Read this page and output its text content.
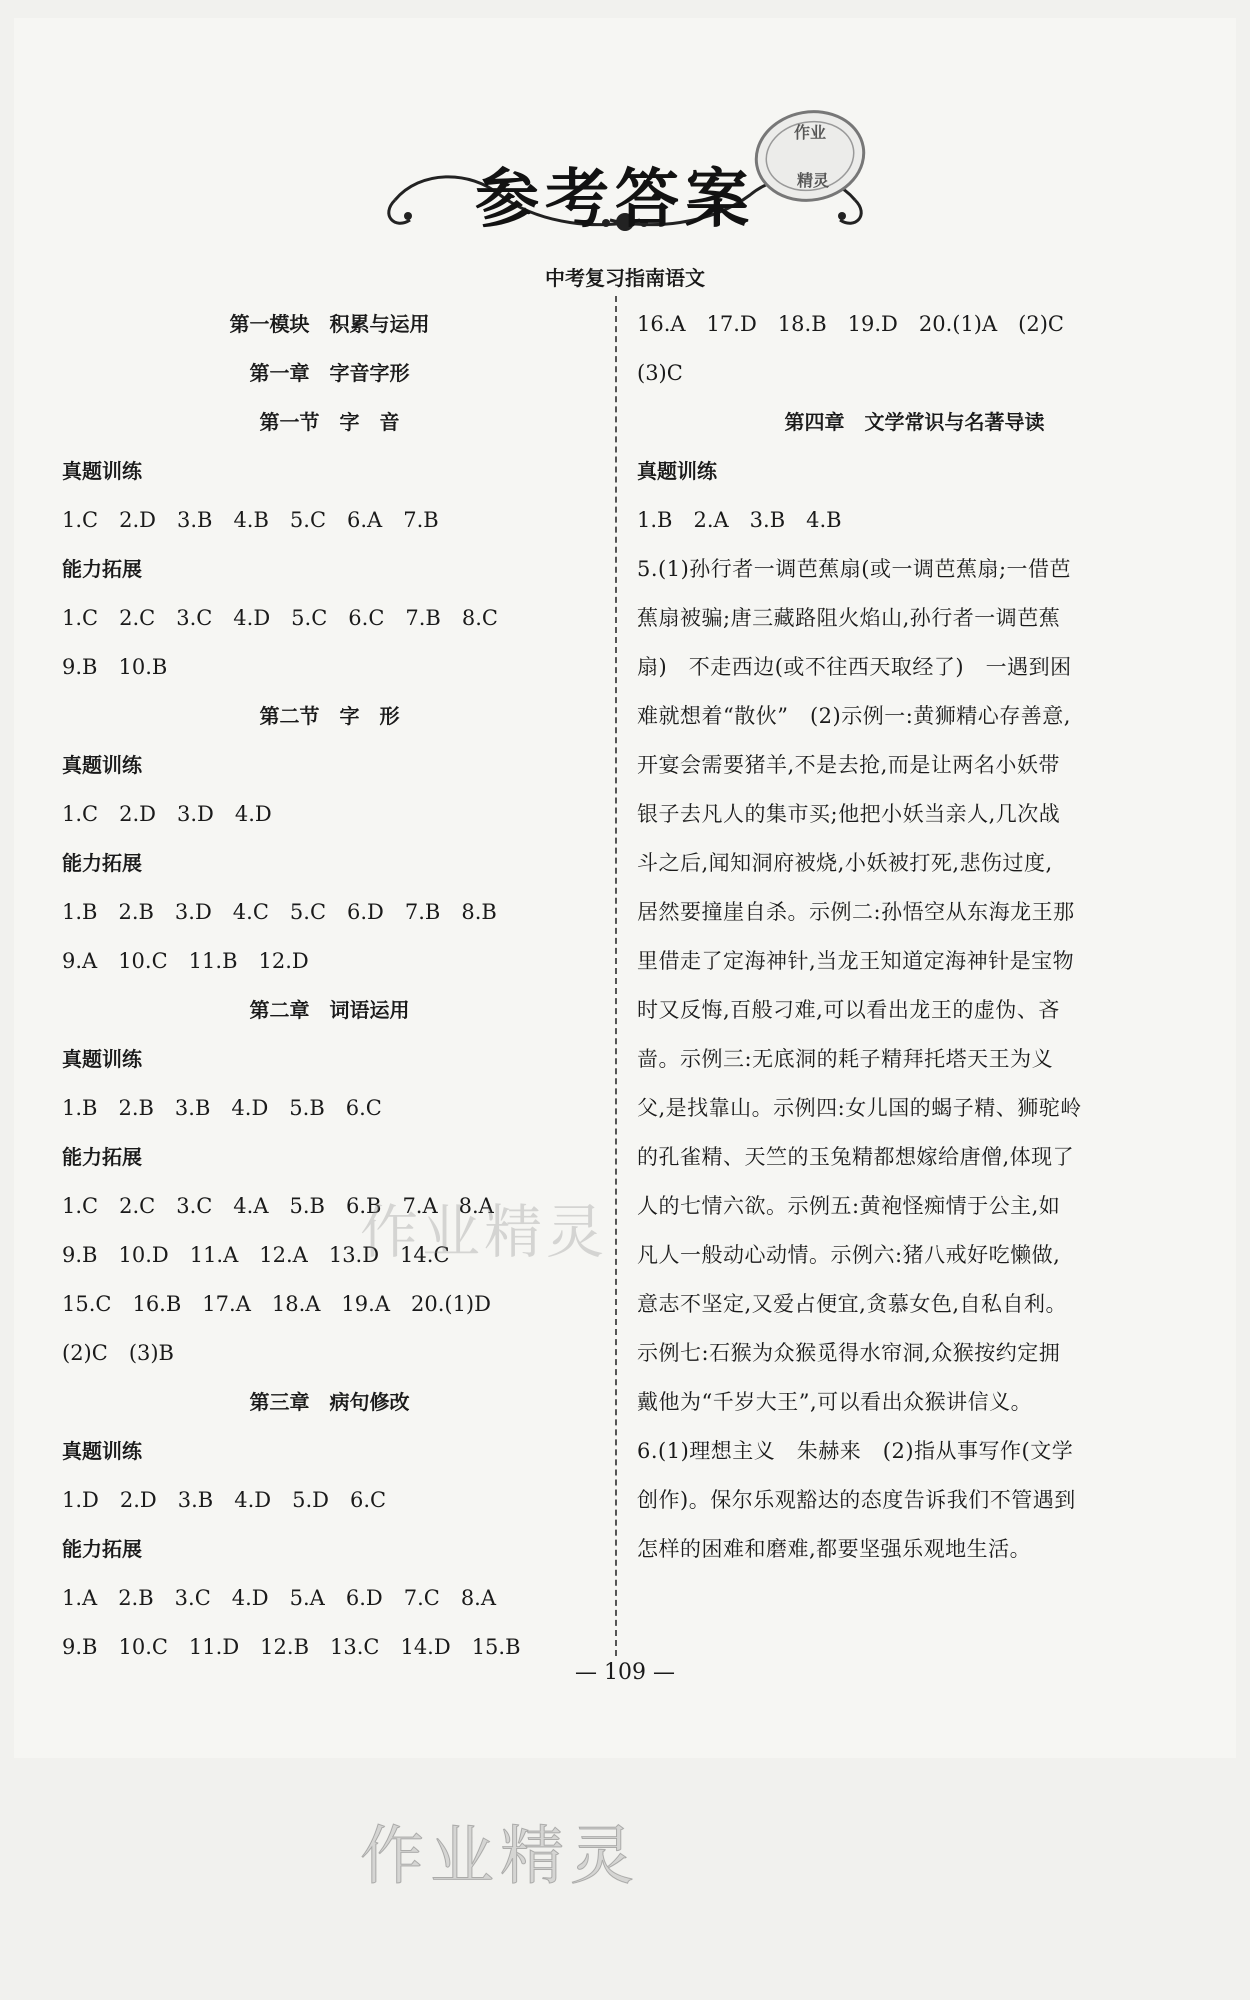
参考答案
作业
精灵
中考复习指南语文
第一模块　积累与运用
第一章　字音字形
第一节　字　音
真题训练
1.C　2.D　3.B　4.B　5.C　6.A　7.B
能力拓展
1.C　2.C　3.C　4.D　5.C　6.C　7.B　8.C
9.B　10.B
第二节　字　形
真题训练
1.C　2.D　3.D　4.D
能力拓展
1.B　2.B　3.D　4.C　5.C　6.D　7.B　8.B
9.A　10.C　11.B　12.D
第二章　词语运用
真题训练
1.B　2.B　3.B　4.D　5.B　6.C
能力拓展
1.C　2.C　3.C　4.A　5.B　6.B　7.A　8.A
9.B　10.D　11.A　12.A　13.D　14.C
15.C　16.B　17.A　18.A　19.A　20.(1)D
(2)C　(3)B
第三章　病句修改
真题训练
1.D　2.D　3.B　4.D　5.D　6.C
能力拓展
1.A　2.B　3.C　4.D　5.A　6.D　7.C　8.A
9.B　10.C　11.D　12.B　13.C　14.D　15.B
16.A　17.D　18.B　19.D　20.(1)A　(2)C
(3)C
第四章　文学常识与名著导读
真题训练
1.B　2.A　3.B　4.B
5.(1)孙行者一调芭蕉扇(或一调芭蕉扇;一借芭
蕉扇被骗;唐三藏路阻火焰山,孙行者一调芭蕉
扇)　不走西边(或不往西天取经了)　一遇到困
难就想着“散伙”　(2)示例一:黄狮精心存善意,
开宴会需要猪羊,不是去抢,而是让两名小妖带
银子去凡人的集市买;他把小妖当亲人,几次战
斗之后,闻知洞府被烧,小妖被打死,悲伤过度,
居然要撞崖自杀。示例二:孙悟空从东海龙王那
里借走了定海神针,当龙王知道定海神针是宝物
时又反悔,百般刁难,可以看出龙王的虚伪、吝
啬。示例三:无底洞的耗子精拜托塔天王为义
父,是找靠山。示例四:女儿国的蝎子精、狮驼岭
的孔雀精、天竺的玉兔精都想嫁给唐僧,体现了
人的七情六欲。示例五:黄袍怪痴情于公主,如
凡人一般动心动情。示例六:猪八戒好吃懒做,
意志不坚定,又爱占便宜,贪慕女色,自私自利。
示例七:石猴为众猴觅得水帘洞,众猴按约定拥
戴他为“千岁大王”,可以看出众猴讲信义。
6.(1)理想主义　朱赫来　(2)指从事写作(文学
创作)。保尔乐观豁达的态度告诉我们不管遇到
怎样的困难和磨难,都要坚强乐观地生活。
作业精灵
作业精灵
— 109 —
